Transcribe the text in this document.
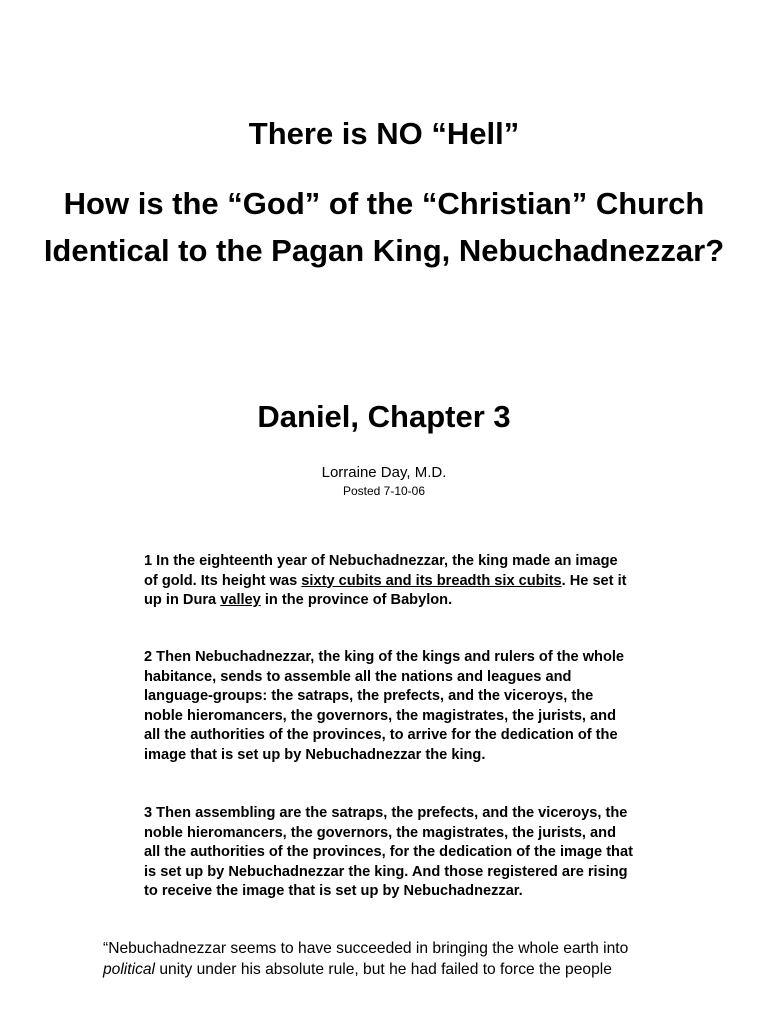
There is NO “Hell”
How is the “God” of the “Christian” Church Identical to the Pagan King, Nebuchadnezzar?
Daniel, Chapter 3
Lorraine Day, M.D.
Posted 7-10-06

1 In the eighteenth year of Nebuchadnezzar, the king made an image of gold. Its height was sixty cubits and its breadth six cubits. He set it up in Dura valley in the province of Babylon.

2 Then Nebuchadnezzar, the king of the kings and rulers of the whole habitance, sends to assemble all the nations and leagues and language-groups: the satraps, the prefects, and the viceroys, the noble hieromancers, the governors, the magistrates, the jurists, and all the authorities of the provinces, to arrive for the dedication of the image that is set up by Nebuchadnezzar the king.

3 Then assembling are the satraps, the prefects, and the viceroys, the noble hieromancers, the governors, the magistrates, the jurists, and all the authorities of the provinces, for the dedication of the image that is set up by Nebuchadnezzar the king. And those registered are rising to receive the image that is set up by Nebuchadnezzar.

“Nebuchadnezzar seems to have succeeded in bringing the whole earth into political unity under his absolute rule, but he had failed to force the people
